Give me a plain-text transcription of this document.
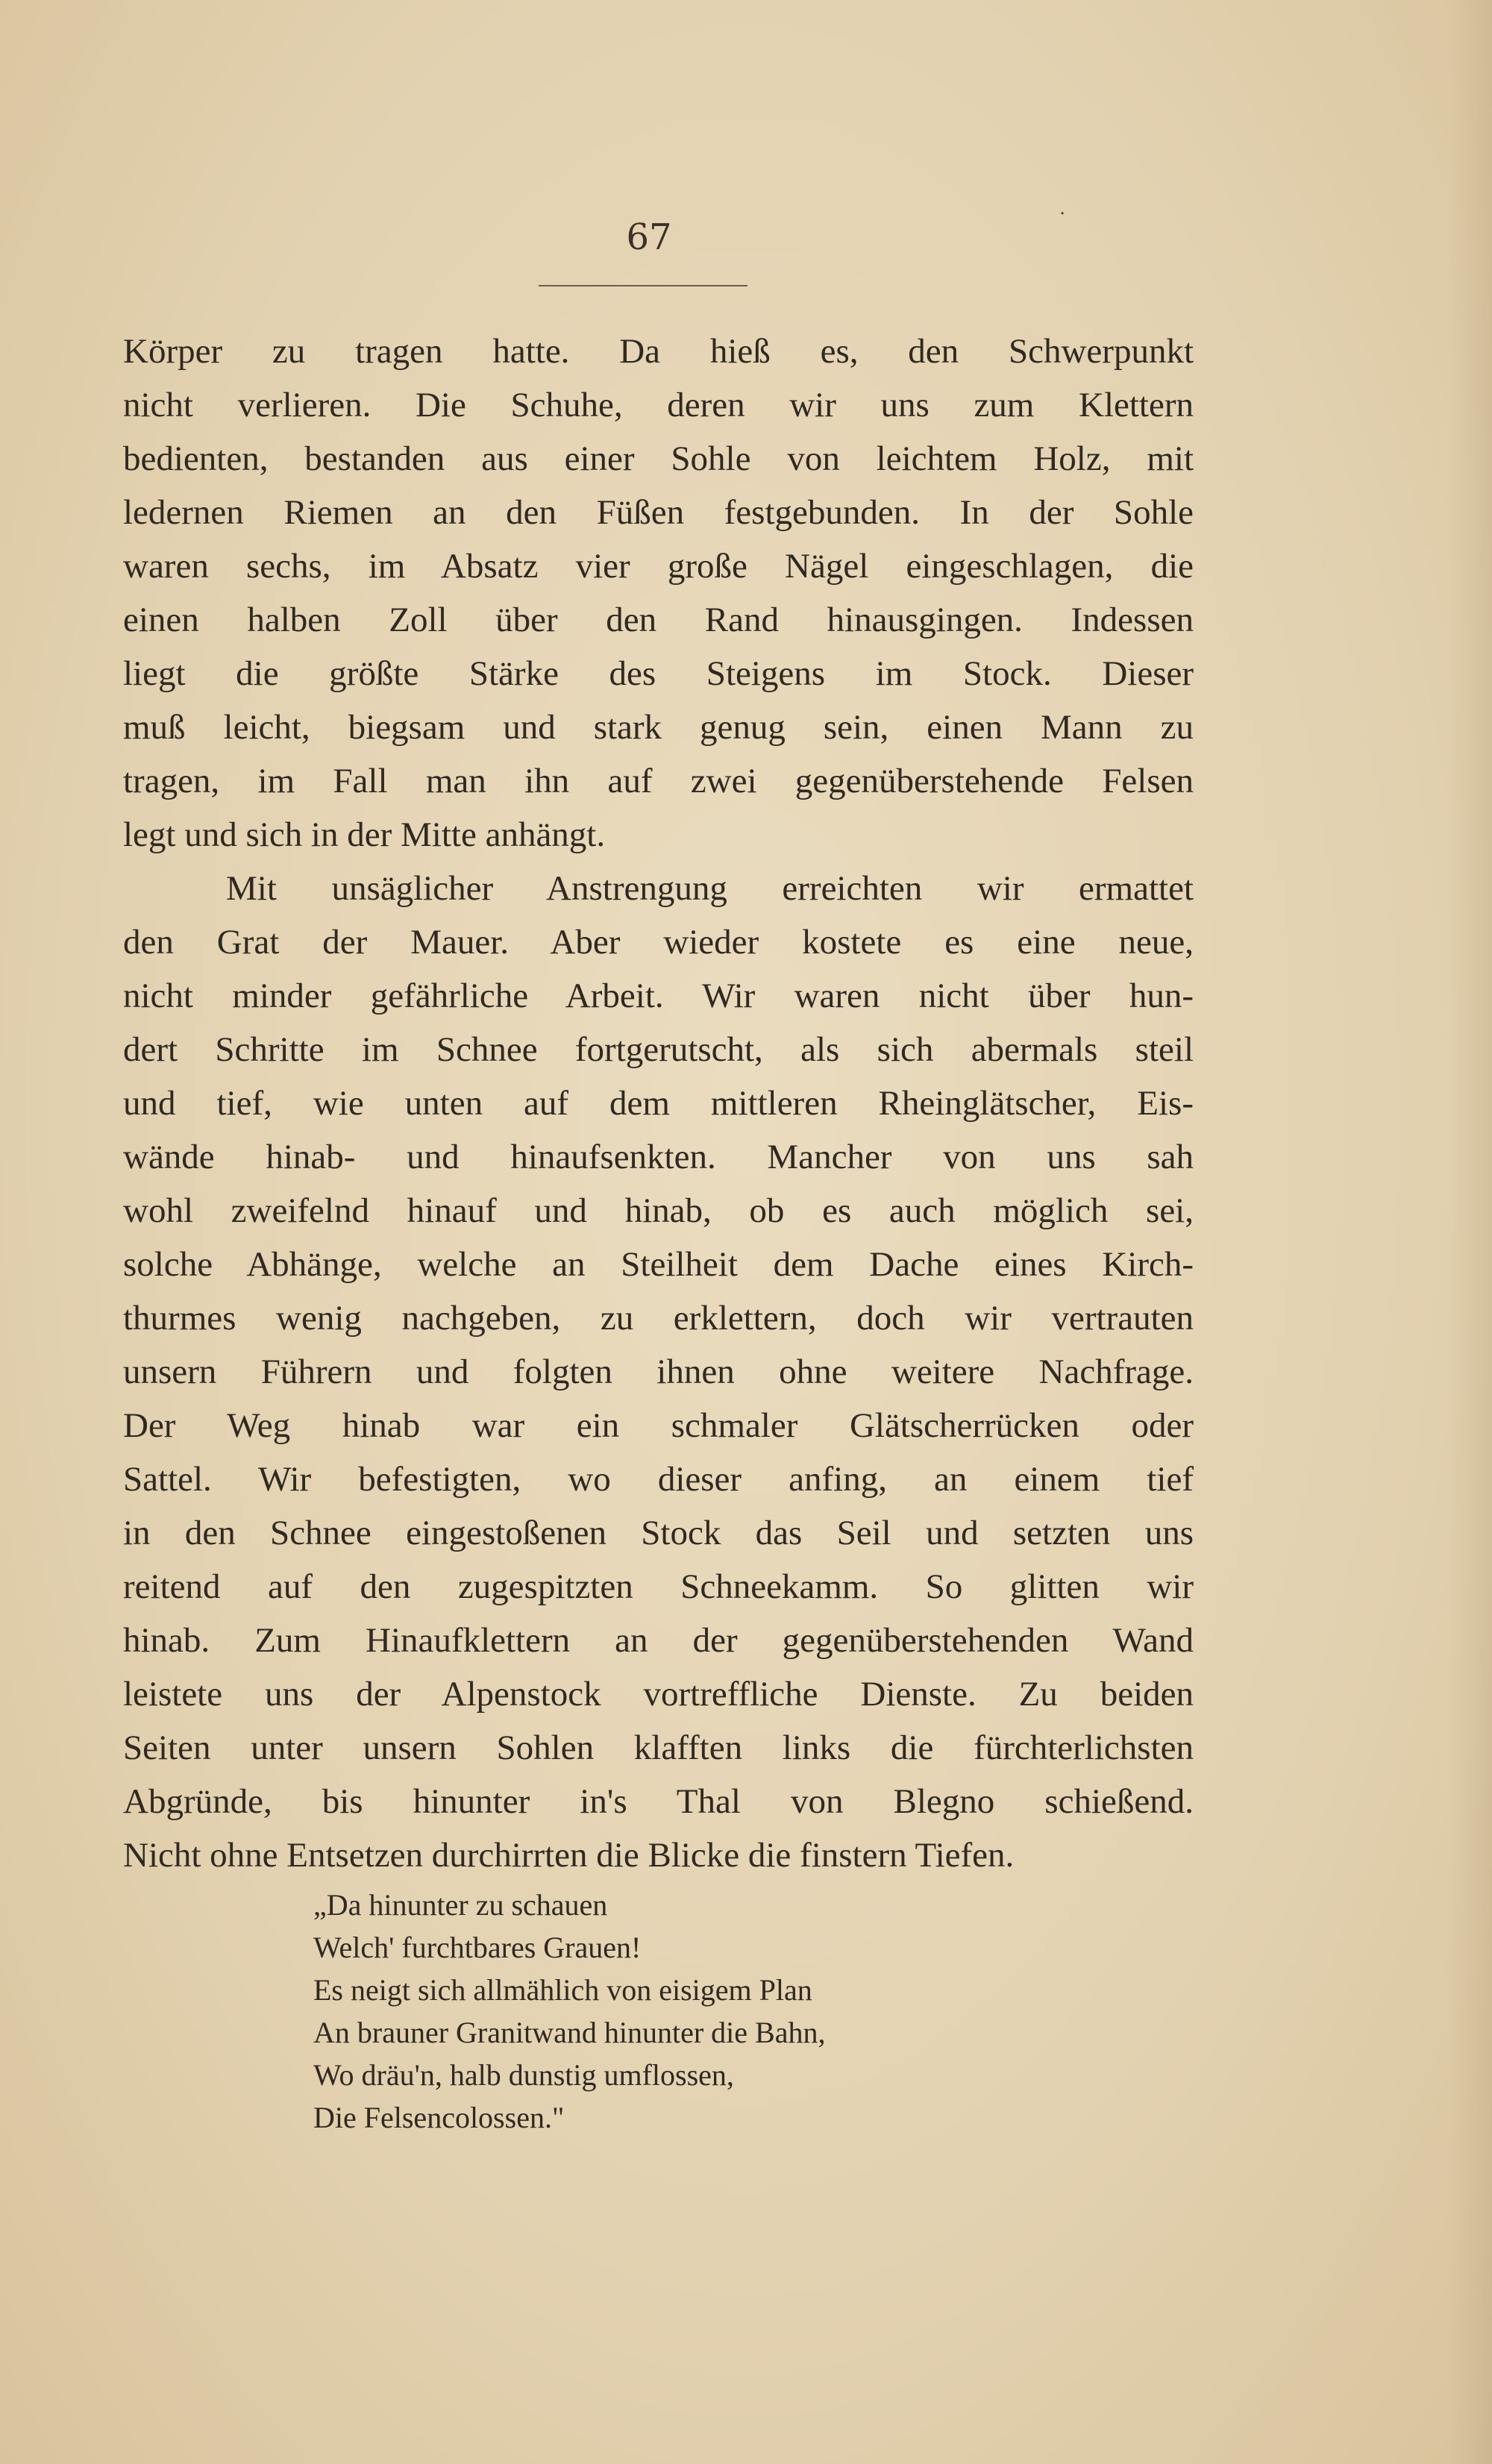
·
67
Körper zu tragen hatte. Da hieß es, den Schwerpunkt
nicht verlieren. Die Schuhe, deren wir uns zum Klettern
bedienten, bestanden aus einer Sohle von leichtem Holz, mit
ledernen Riemen an den Füßen festgebunden. In der Sohle
waren sechs, im Absatz vier große Nägel eingeschlagen, die
einen halben Zoll über den Rand hinausgingen. Indessen
liegt die größte Stärke des Steigens im Stock. Dieser
muß leicht, biegsam und stark genug sein, einen Mann zu
tragen, im Fall man ihn auf zwei gegenüberstehende Felsen
legt und sich in der Mitte anhängt.
Mit unsäglicher Anstrengung erreichten wir ermattet
den Grat der Mauer. Aber wieder kostete es eine neue,
nicht minder gefährliche Arbeit. Wir waren nicht über hun-
dert Schritte im Schnee fortgerutscht, als sich abermals steil
und tief, wie unten auf dem mittleren Rheinglätscher, Eis-
wände hinab- und hinaufsenkten. Mancher von uns sah
wohl zweifelnd hinauf und hinab, ob es auch möglich sei,
solche Abhänge, welche an Steilheit dem Dache eines Kirch-
thurmes wenig nachgeben, zu erklettern, doch wir vertrauten
unsern Führern und folgten ihnen ohne weitere Nachfrage.
Der Weg hinab war ein schmaler Glätscherrücken oder
Sattel. Wir befestigten, wo dieser anfing, an einem tief
in den Schnee eingestoßenen Stock das Seil und setzten uns
reitend auf den zugespitzten Schneekamm. So glitten wir
hinab. Zum Hinaufklettern an der gegenüberstehenden Wand
leistete uns der Alpenstock vortreffliche Dienste. Zu beiden
Seiten unter unsern Sohlen klafften links die fürchterlichsten
Abgründe, bis hinunter in's Thal von Blegno schießend.
Nicht ohne Entsetzen durchirrten die Blicke die finstern Tiefen.
„Da hinunter zu schauen
Welch' furchtbares Grauen!
Es neigt sich allmählich von eisigem Plan
An brauner Granitwand hinunter die Bahn,
Wo dräu'n, halb dunstig umflossen,
Die Felsencolossen."
